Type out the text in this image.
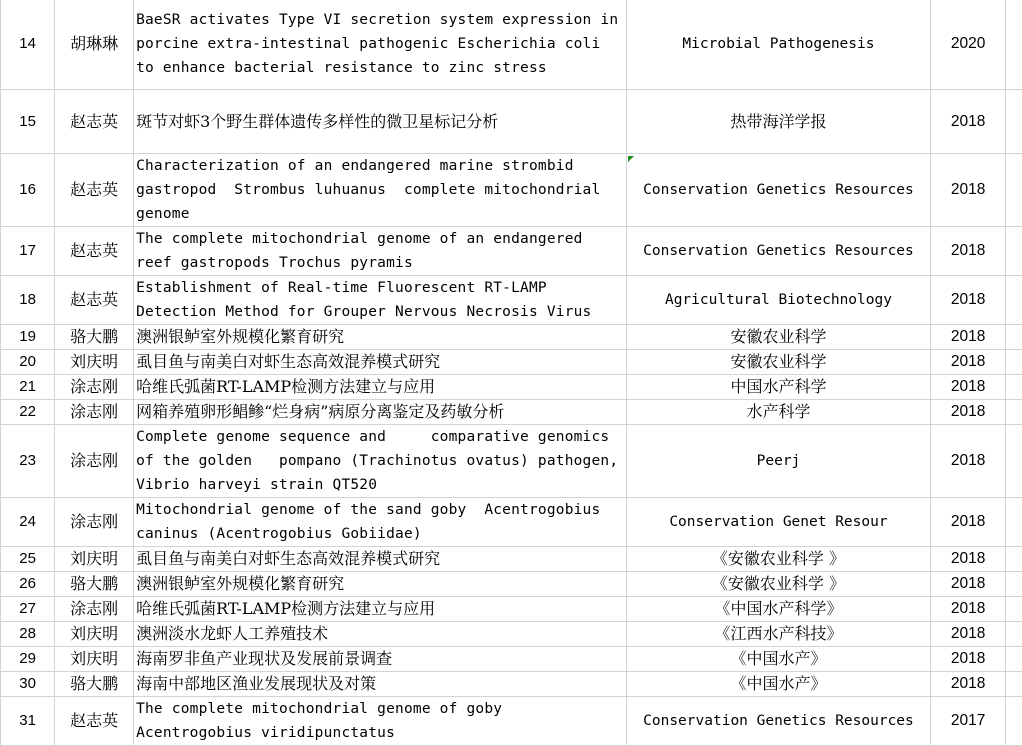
14	胡琳琳	BaeSR activates Type VI secretion system expression in
porcine extra-intestinal pathogenic Escherichia coli
to enhance bacterial resistance to zinc stress	Microbial Pathogenesis	2020	
15	赵志英	斑节对虾3个野生群体遗传多样性的微卫星标记分析	热带海洋学报	2018	
16	赵志英	Characterization of an endangered marine strombid
gastropod  Strombus luhuanus  complete mitochondrial
genome	Conservation Genetics Resources	2018	
17	赵志英	The complete mitochondrial genome of an endangered
reef gastropods Trochus pyramis	Conservation Genetics Resources	2018	
18	赵志英	Establishment of Real-time Fluorescent RT-LAMP
Detection Method for Grouper Nervous Necrosis Virus	Agricultural Biotechnology	2018	
19	骆大鹏	澳洲银鲈室外规模化繁育研究	安徽农业科学	2018	
20	刘庆明	虱目鱼与南美白对虾生态高效混养模式研究	安徽农业科学	2018	
21	涂志刚	哈维氏弧菌RT-LAMP检测方法建立与应用	中国水产科学	2018	
22	涂志刚	网箱养殖卵形鲳鲹“烂身病”病原分离鉴定及药敏分析	水产科学	2018	
23	涂志刚	Complete genome sequence and     comparative genomics
of the golden   pompano (Trachinotus ovatus) pathogen,
Vibrio harveyi strain QT520	Peerj	2018	
24	涂志刚	Mitochondrial genome of the sand goby  Acentrogobius
caninus (Acentrogobius Gobiidae)	Conservation Genet Resour	2018	
25	刘庆明	虱目鱼与南美白对虾生态高效混养模式研究	《安徽农业科学 》	2018	
26	骆大鹏	澳洲银鲈室外规模化繁育研究	《安徽农业科学 》	2018	
27	涂志刚	哈维氏弧菌RT-LAMP检测方法建立与应用	《中国水产科学》	2018	
28	刘庆明	澳洲淡水龙虾人工养殖技术	《江西水产科技》	2018	
29	刘庆明	海南罗非鱼产业现状及发展前景调查	《中国水产》	2018	
30	骆大鹏	海南中部地区渔业发展现状及对策	《中国水产》	2018	
31	赵志英	The complete mitochondrial genome of goby
Acentrogobius viridipunctatus	Conservation Genetics Resources	2017	
